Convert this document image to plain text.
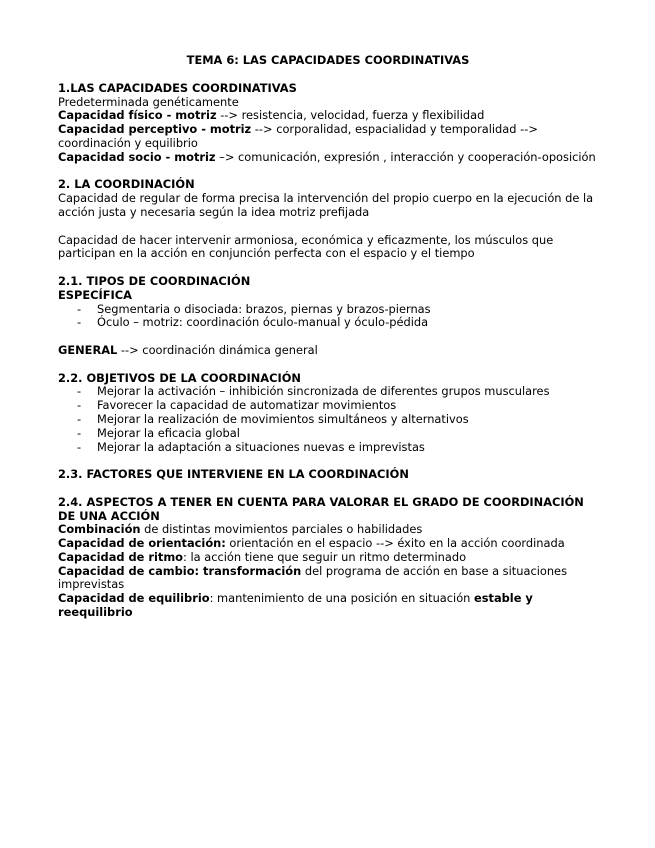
TEMA 6: LAS CAPACIDADES COORDINATIVAS

1.LAS CAPACIDADES COORDINATIVAS

Predeterminada genéticamente

Capacidad físico - motriz --> resistencia, velocidad, fuerza y flexibilidad

Capacidad perceptivo - motriz --> corporalidad, espacialidad y temporalidad --> coordinación y equilibrio

Capacidad socio - motriz –> comunicación, expresión , interacción y cooperación-oposición

2. LA COORDINACIÓN

Capacidad de regular de forma precisa la intervención del propio cuerpo en la ejecución de la acción justa y necesaria según la idea motriz prefijada

Capacidad de hacer intervenir armoniosa, económica y eficazmente, los músculos que participan en la acción en conjunción perfecta con el espacio y el tiempo

2.1. TIPOS DE COORDINACIÓN

ESPECÍFICA

- Segmentaria o disociada: brazos, piernas y brazos-piernas
- Óculo – motriz: coordinación óculo-manual y óculo-pédida

GENERAL --> coordinación dinámica general

2.2. OBJETIVOS DE LA COORDINACIÓN

- Mejorar la activación – inhibición sincronizada de diferentes grupos musculares
- Favorecer la capacidad de automatizar movimientos
- Mejorar la realización de movimientos simultáneos y alternativos
- Mejorar la eficacia global
- Mejorar la adaptación a situaciones nuevas e imprevistas

2.3. FACTORES QUE INTERVIENE EN LA COORDINACIÓN

2.4. ASPECTOS A TENER EN CUENTA PARA VALORAR EL GRADO DE COORDINACIÓN DE UNA ACCIÓN

Combinación de distintas movimientos parciales o habilidades

Capacidad de orientación: orientación en el espacio --> éxito en la acción coordinada

Capacidad de ritmo: la acción tiene que seguir un ritmo determinado

Capacidad de cambio: transformación del programa de acción en base a situaciones imprevistas

Capacidad de equilibrio: mantenimiento de una posición en situación estable y reequilibrio
